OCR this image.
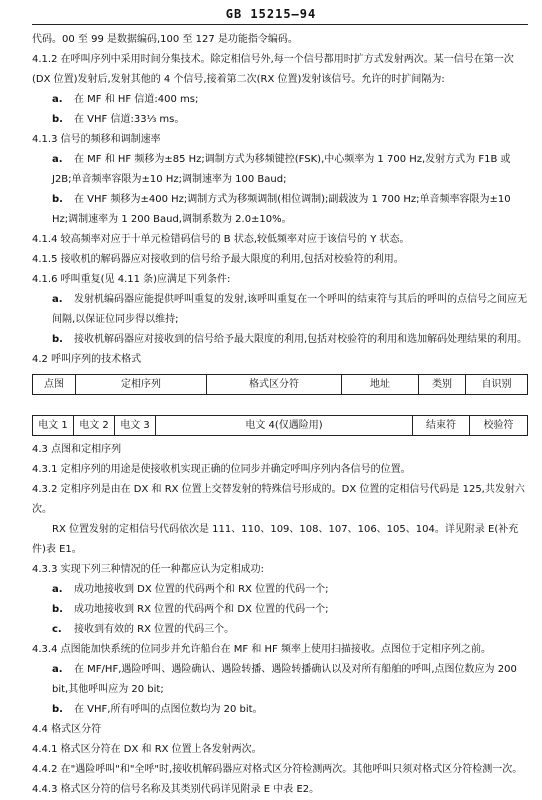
GB 15215—94

代码。00 至 99 是数据编码,100 至 127 是功能指令编码。

4.1.2 在呼叫序列中采用时间分集技术。除定相信号外,每一个信号都用时扩方式发射两次。某一信号在第一次(DX 位置)发射后,发射其他的 4 个信号,接着第二次(RX 位置)发射该信号。允许的时扩间隔为:

a. 在 MF 和 HF 信道:400 ms;

b. 在 VHF 信道:33⅓ ms。

4.1.3 信号的频移和调制速率

a. 在 MF 和 HF 频移为±85 Hz;调制方式为移频键控(FSK),中心频率为 1 700 Hz,发射方式为 F1B 或 J2B;单音频率容限为±10 Hz;调制速率为 100 Baud;

b. 在 VHF 频移为±400 Hz;调制方式为移频调制(相位调制);副载波为 1 700 Hz;单音频率容限为±10 Hz;调制速率为 1 200 Baud,调制系数为 2.0±10%。

4.1.4 较高频率对应于十单元检错码信号的 B 状态,较低频率对应于该信号的 Y 状态。

4.1.5 接收机的解码器应对接收到的信号给予最大限度的利用,包括对校验符的利用。

4.1.6 呼叫重复(见 4.11 条)应满足下列条件:

a. 发射机编码器应能提供呼叫重复的发射,该呼叫重复在一个呼叫的结束符与其后的呼叫的点信号之间应无间隔,以保证位同步得以维持;

b. 接收机解码器应对接收到的信号给予最大限度的利用,包括对校验符的利用和选加解码处理结果的利用。

4.2 呼叫序列的技术格式

点图	定相序列	格式区分符	地址	类别	自识别
电文 1	电文 2	电文 3	电文 4(仅遇险用)	结束符	校验符

4.3 点图和定相序列

4.3.1 定相序列的用途是使接收机实现正确的位同步并确定呼叫序列内各信号的位置。

4.3.2 定相序列是由在 DX 和 RX 位置上交替发射的特殊信号形成的。DX 位置的定相信号代码是 125,共发射六次。

RX 位置发射的定相信号代码依次是 111、110、109、108、107、106、105、104。详见附录 E(补充件)表 E1。

4.3.3 实现下列三种情况的任一种都应认为定相成功:

a. 成功地接收到 DX 位置的代码两个和 RX 位置的代码一个;

b. 成功地接收到 RX 位置的代码两个和 DX 位置的代码一个;

c. 接收到有效的 RX 位置的代码三个。

4.3.4 点图能加快系统的位同步并允许船台在 MF 和 HF 频率上使用扫描接收。点图位于定相序列之前。

a. 在 MF/HF,遇险呼叫、遇险确认、遇险转播、遇险转播确认以及对所有船舶的呼叫,点图位数应为 200 bit,其他呼叫应为 20 bit;

b. 在 VHF,所有呼叫的点图位数均为 20 bit。

4.4 格式区分符

4.4.1 格式区分符在 DX 和 RX 位置上各发射两次。

4.4.2 在"遇险呼叫"和"全呼"时,接收机解码器应对格式区分符检测两次。其他呼叫只须对格式区分符检测一次。

4.4.3 格式区分符的信号名称及其类别代码详见附录 E 中表 E2。
